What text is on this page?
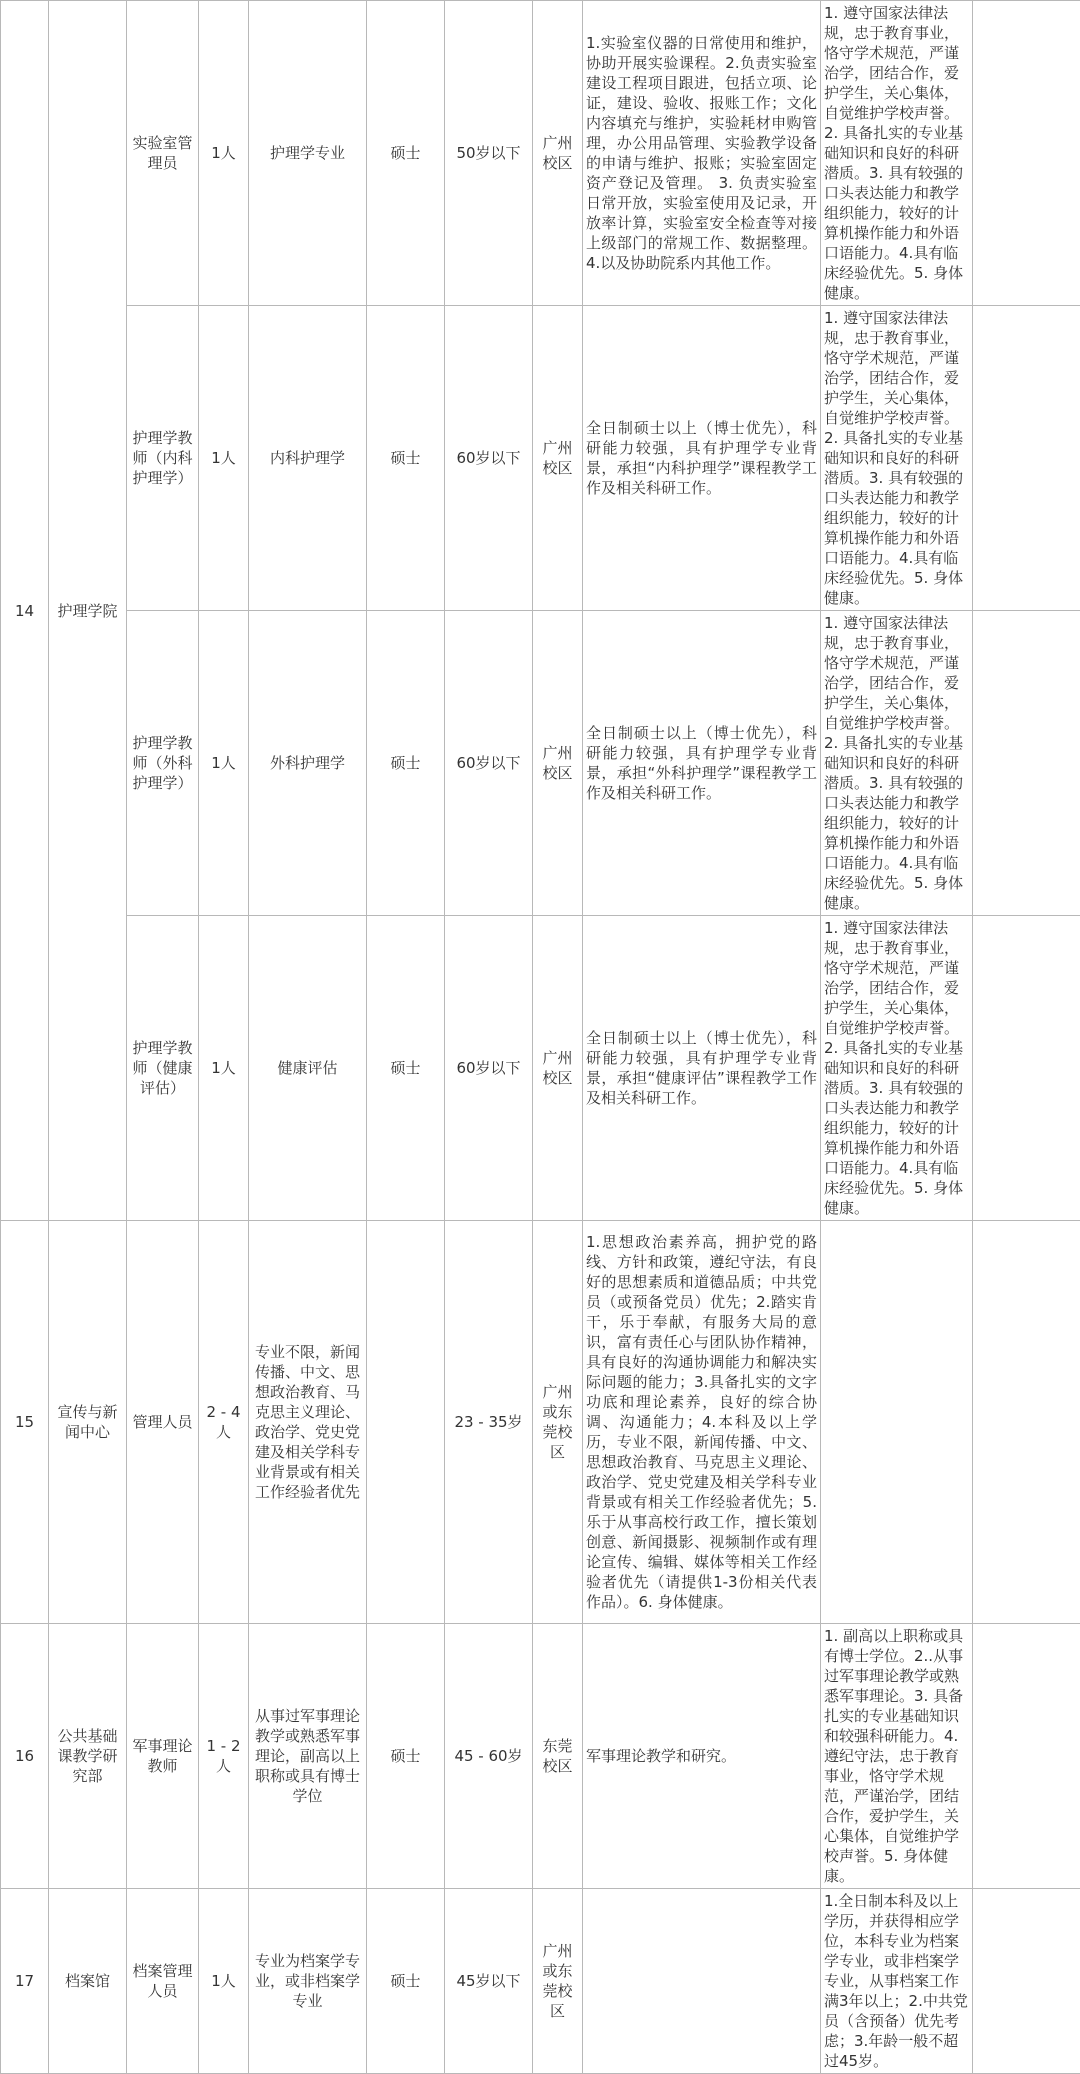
14	护理学院	实验室管理员	1人	护理学专业	硕士	50岁以下	广州校区	1.实验室仪器的日常使用和维护，协助开展实验课程。2.负责实验室建设工程项目跟进，包括立项、论证，建设、验收、报账工作；文化内容填充与维护，实验耗材申购管理，办公用品管理、实验教学设备的申请与维护、报账；实验室固定资产登记及管理。 3. 负责实验室日常开放，实验室使用及记录，开放率计算，实验室安全检查等对接上级部门的常规工作、数据整理。4.以及协助院系内其他工作。	1. 遵守国家法律法规，忠于教育事业，恪守学术规范，严谨治学，团结合作，爱护学生，关心集体，自觉维护学校声誉。2. 具备扎实的专业基础知识和良好的科研潜质。3. 具有较强的口头表达能力和教学组织能力，较好的计算机操作能力和外语口语能力。4.具有临床经验优先。5. 身体健康。	
		护理学教师（内科护理学）	1人	内科护理学	硕士	60岁以下	广州校区	全日制硕士以上（博士优先），科研能力较强，具有护理学专业背景，承担“内科护理学”课程教学工作及相关科研工作。	1. 遵守国家法律法规，忠于教育事业，恪守学术规范，严谨治学，团结合作，爱护学生，关心集体，自觉维护学校声誉。2. 具备扎实的专业基础知识和良好的科研潜质。3. 具有较强的口头表达能力和教学组织能力，较好的计算机操作能力和外语口语能力。4.具有临床经验优先。5. 身体健康。	
		护理学教师（外科护理学）	1人	外科护理学	硕士	60岁以下	广州校区	全日制硕士以上（博士优先），科研能力较强，具有护理学专业背景，承担“外科护理学”课程教学工作及相关科研工作。	1. 遵守国家法律法规，忠于教育事业，恪守学术规范，严谨治学，团结合作，爱护学生，关心集体，自觉维护学校声誉。2. 具备扎实的专业基础知识和良好的科研潜质。3. 具有较强的口头表达能力和教学组织能力，较好的计算机操作能力和外语口语能力。4.具有临床经验优先。5. 身体健康。	
		护理学教师（健康评估）	1人	健康评估	硕士	60岁以下	广州校区	全日制硕士以上（博士优先），科研能力较强，具有护理学专业背景，承担“健康评估”课程教学工作及相关科研工作。	1. 遵守国家法律法规，忠于教育事业，恪守学术规范，严谨治学，团结合作，爱护学生，关心集体，自觉维护学校声誉。2. 具备扎实的专业基础知识和良好的科研潜质。3. 具有较强的口头表达能力和教学组织能力，较好的计算机操作能力和外语口语能力。4.具有临床经验优先。5. 身体健康。	
15	宣传与新闻中心	管理人员	2 - 4人	专业不限，新闻传播、中文、思想政治教育、马克思主义理论、政治学、党史党建及相关学科专业背景或有相关工作经验者优先		23 - 35岁	广州或东莞校区	1.思想政治素养高，拥护党的路线、方针和政策，遵纪守法，有良好的思想素质和道德品质；中共党员（或预备党员）优先；2.踏实肯干，乐于奉献，有服务大局的意识，富有责任心与团队协作精神，具有良好的沟通协调能力和解决实际问题的能力；3.具备扎实的文字功底和理论素养，良好的综合协调、沟通能力；4.本科及以上学历，专业不限，新闻传播、中文、思想政治教育、马克思主义理论、政治学、党史党建及相关学科专业背景或有相关工作经验者优先；5.乐于从事高校行政工作，擅长策划创意、新闻摄影、视频制作或有理论宣传、编辑、媒体等相关工作经验者优先（请提供1-3份相关代表作品）。6. 身体健康。		
16	公共基础课教学研究部	军事理论教师	1 - 2人	从事过军事理论教学或熟悉军事理论，副高以上职称或具有博士学位	硕士	45 - 60岁	东莞校区	军事理论教学和研究。	1. 副高以上职称或具有博士学位。2..从事过军事理论教学或熟悉军事理论。3. 具备扎实的专业基础知识和较强科研能力。4. 遵纪守法，忠于教育事业，恪守学术规范，严谨治学，团结合作，爱护学生，关心集体，自觉维护学校声誉。5. 身体健康。	
17	档案馆	档案管理人员	1人	专业为档案学专业，或非档案学专业	硕士	45岁以下	广州或东莞校区		1.全日制本科及以上学历，并获得相应学位，本科专业为档案学专业，或非档案学专业，从事档案工作满3年以上；2.中共党员（含预备）优先考虑；3.年龄一般不超过45岁。	
